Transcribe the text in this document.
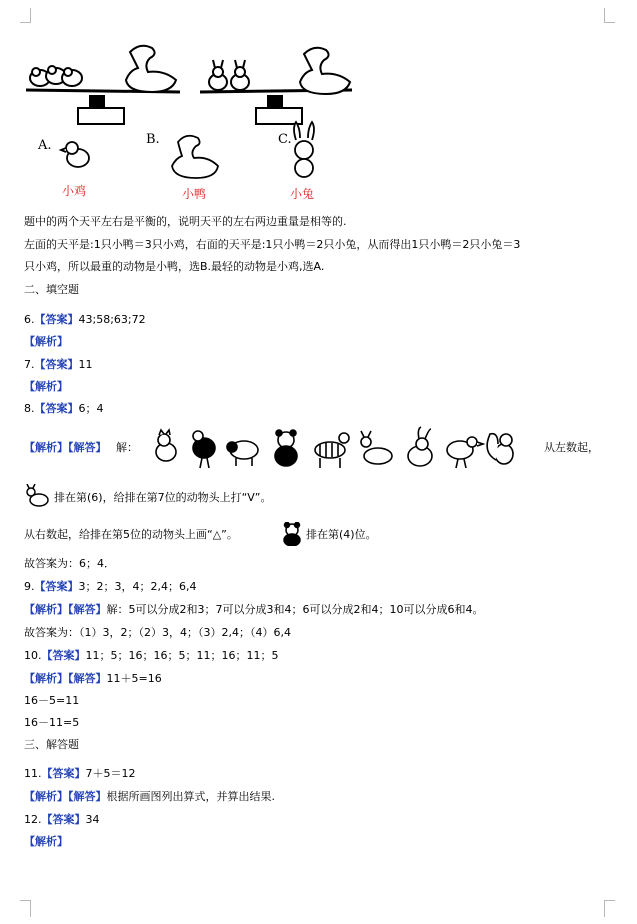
A.	B.	C.
小鸡	小鸭	小兔
题中的两个天平左右是平衡的，说明天平的左右两边重量是相等的.
左面的天平是:1只小鸭＝3只小鸡，右面的天平是:1只小鸭＝2只小兔，从而得出1只小鸭＝2只小兔＝3
只小鸡，所以最重的动物是小鸭，选B.最轻的动物是小鸡,选A.
二、填空题
6.【答案】43;58;63;72
【解析】
7.【答案】11
【解析】
8.【答案】6；4
【解析】【解答】 解：	从左数起，
排在第(6)，给排在第7位的动物头上打“V”。
从右数起，给排在第5位的动物头上画“△”。	排在第(4)位。
故答案为：6；4．
9.【答案】3；2；3，4；2,4；6,4
【解析】【解答】解：5可以分成2和3；7可以分成3和4；6可以分成2和4；10可以分成6和4。
故答案为：（1）3，2；（2）3，4；（3）2,4；（4）6,4
10.【答案】11；5；16；16；5；11；16；11；5
【解析】【解答】11＋5=16
16－5=11
16－11=5
三、解答题
11.【答案】7＋5＝12
【解析】【解答】根据所画图列出算式，并算出结果.
12.【答案】34
【解析】
